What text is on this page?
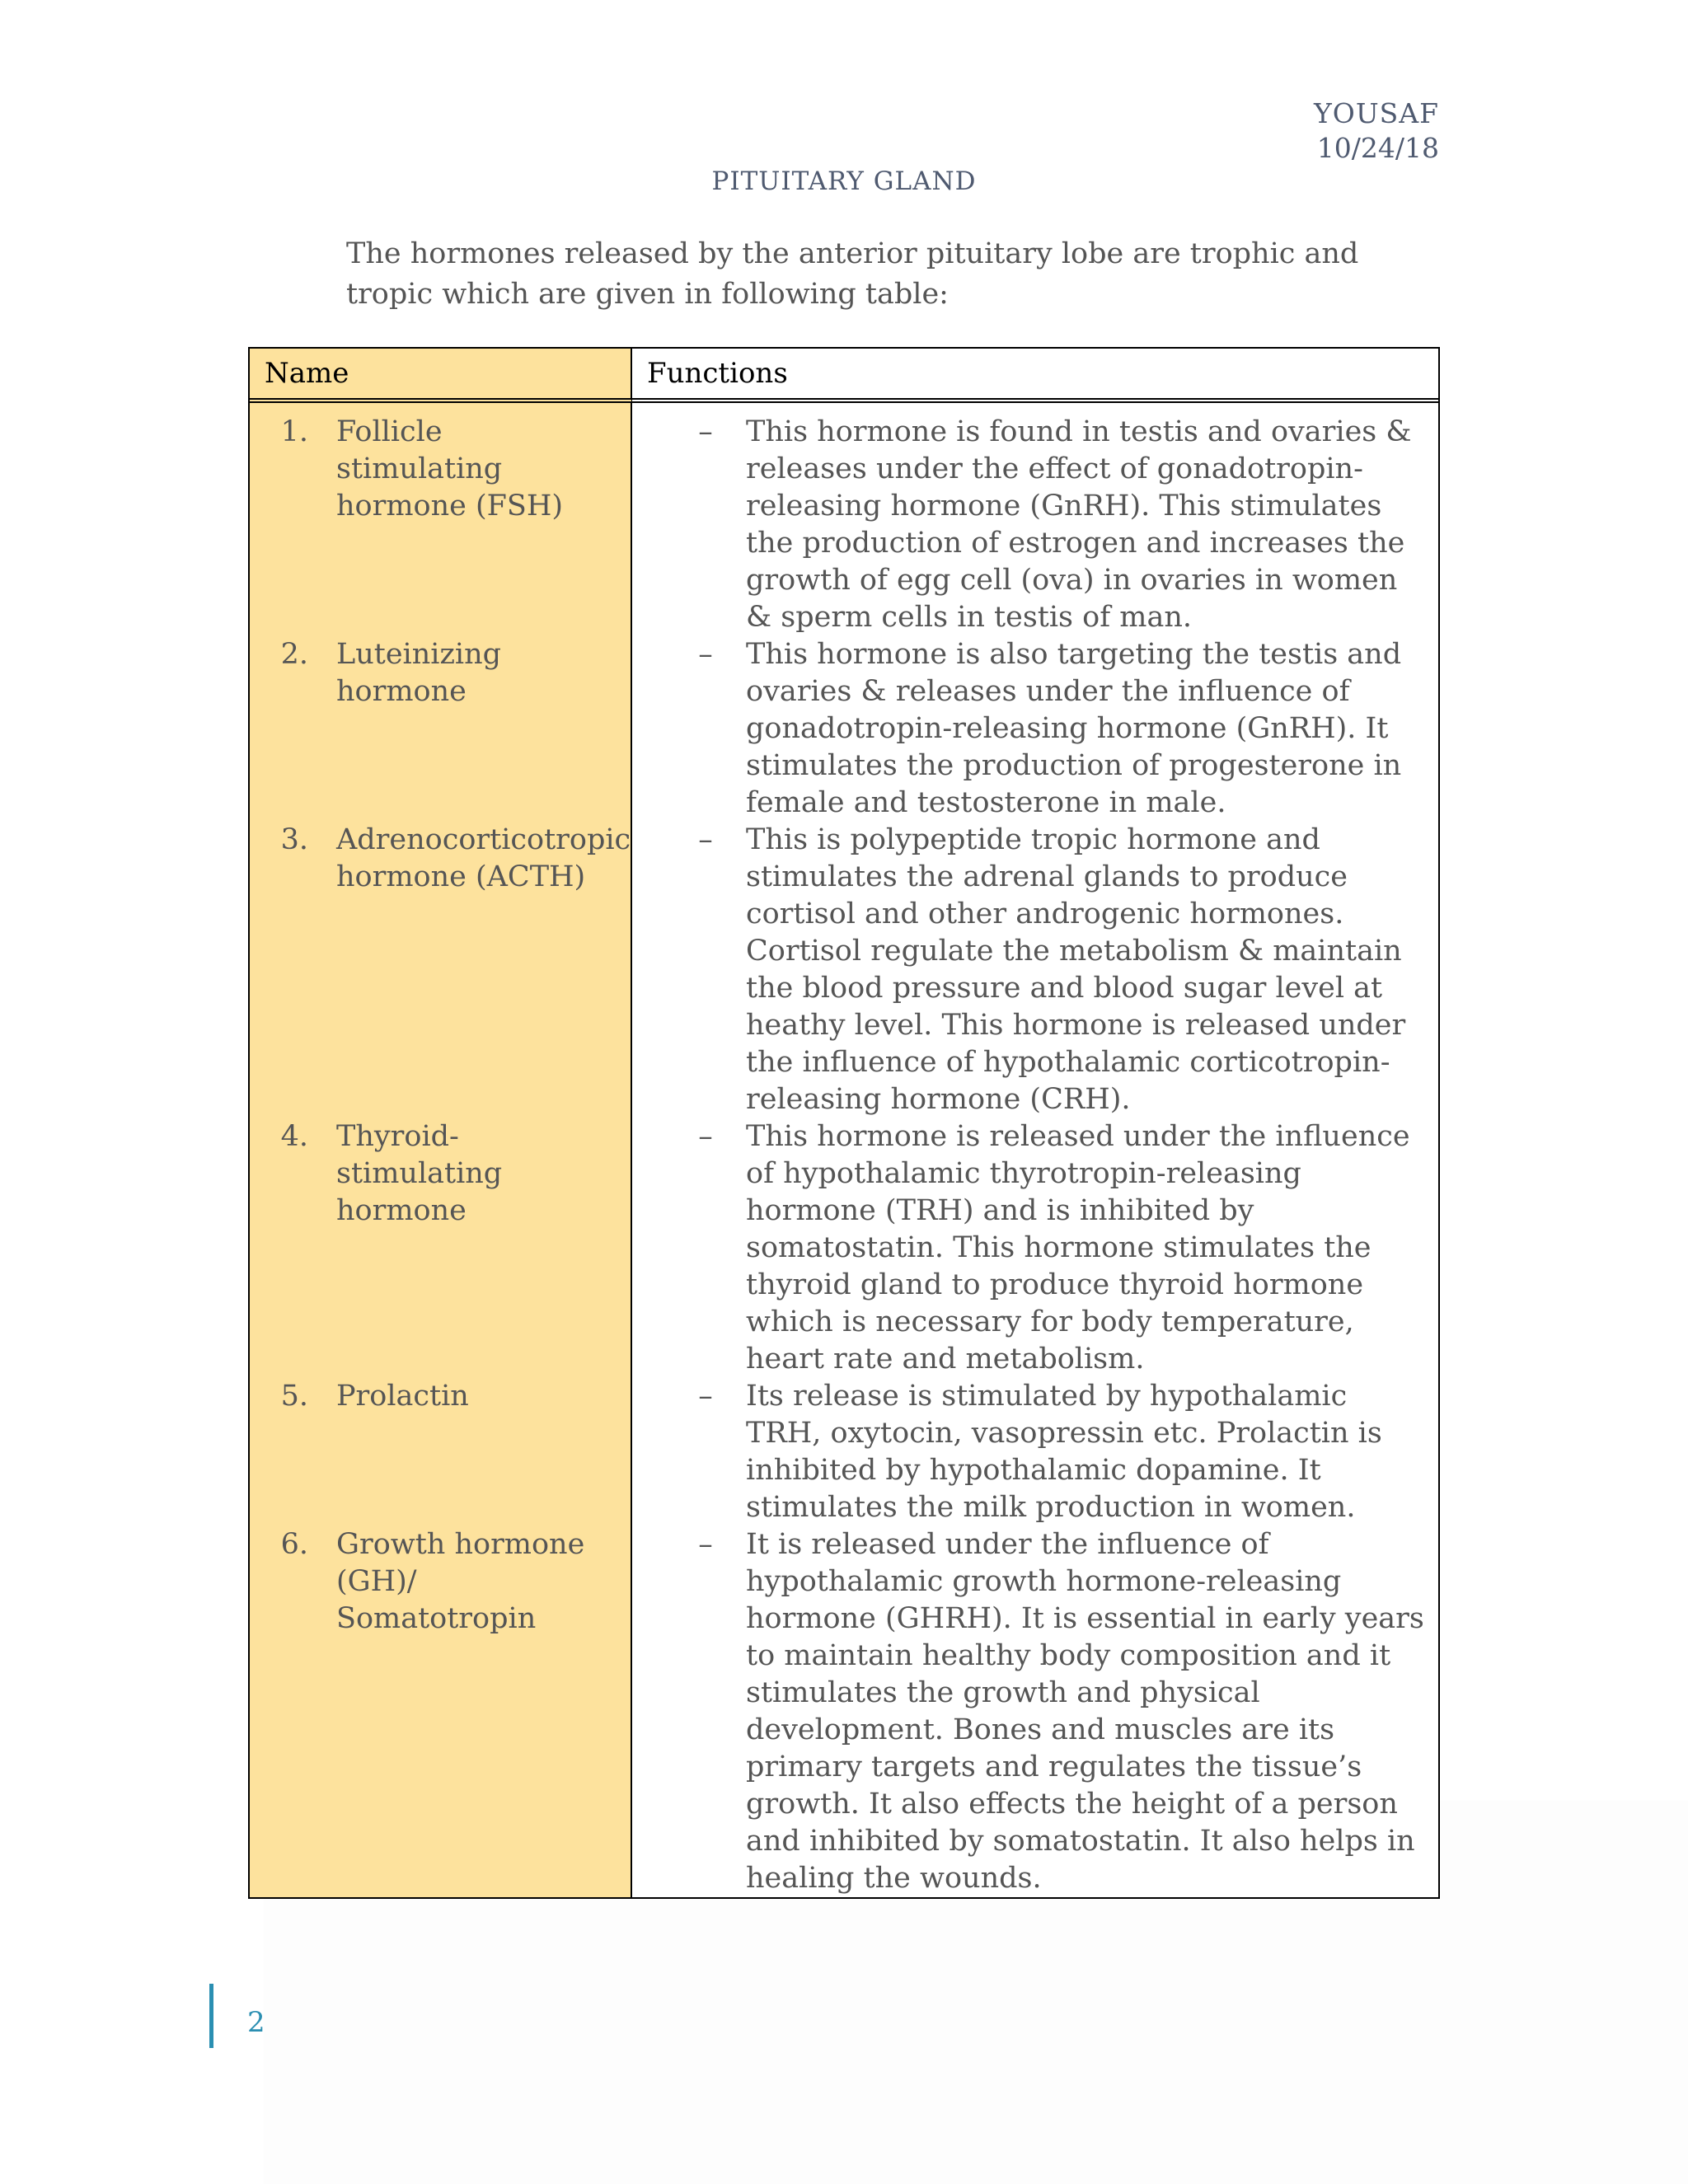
YOUSAF
10/24/18
PITUITARY GLAND
The hormones released by the anterior pituitary lobe are trophic and tropic which are given in following table:
Name	Functions

1. Follicle stimulating hormone (FSH)	– This hormone is found in testis and ovaries & releases under the effect of gonadotropin-releasing hormone (GnRH). This stimulates the production of estrogen and increases the growth of egg cell (ova) in ovaries in women & sperm cells in testis of man.

2. Luteinizing hormone	– This hormone is also targeting the testis and ovaries & releases under the influence of gonadotropin-releasing hormone (GnRH). It stimulates the production of progesterone in female and testosterone in male.

3. Adrenocorticotropic hormone (ACTH)	– This is polypeptide tropic hormone and stimulates the adrenal glands to produce cortisol and other androgenic hormones. Cortisol regulate the metabolism & maintain the blood pressure and blood sugar level at heathy level. This hormone is released under the influence of hypothalamic corticotropin-releasing hormone (CRH).

4. Thyroid-stimulating hormone	– This hormone is released under the influence of hypothalamic thyrotropin-releasing hormone (TRH) and is inhibited by somatostatin. This hormone stimulates the thyroid gland to produce thyroid hormone which is necessary for body temperature, heart rate and metabolism.

5. Prolactin	– Its release is stimulated by hypothalamic TRH, oxytocin, vasopressin etc. Prolactin is inhibited by hypothalamic dopamine. It stimulates the milk production in women.

6. Growth hormone (GH)/ Somatotropin	– It is released under the influence of hypothalamic growth hormone-releasing hormone (GHRH). It is essential in early years to maintain healthy body composition and it stimulates the growth and physical development. Bones and muscles are its primary targets and regulates the tissue’s growth. It also effects the height of a person and inhibited by somatostatin. It also helps in healing the wounds.
2
